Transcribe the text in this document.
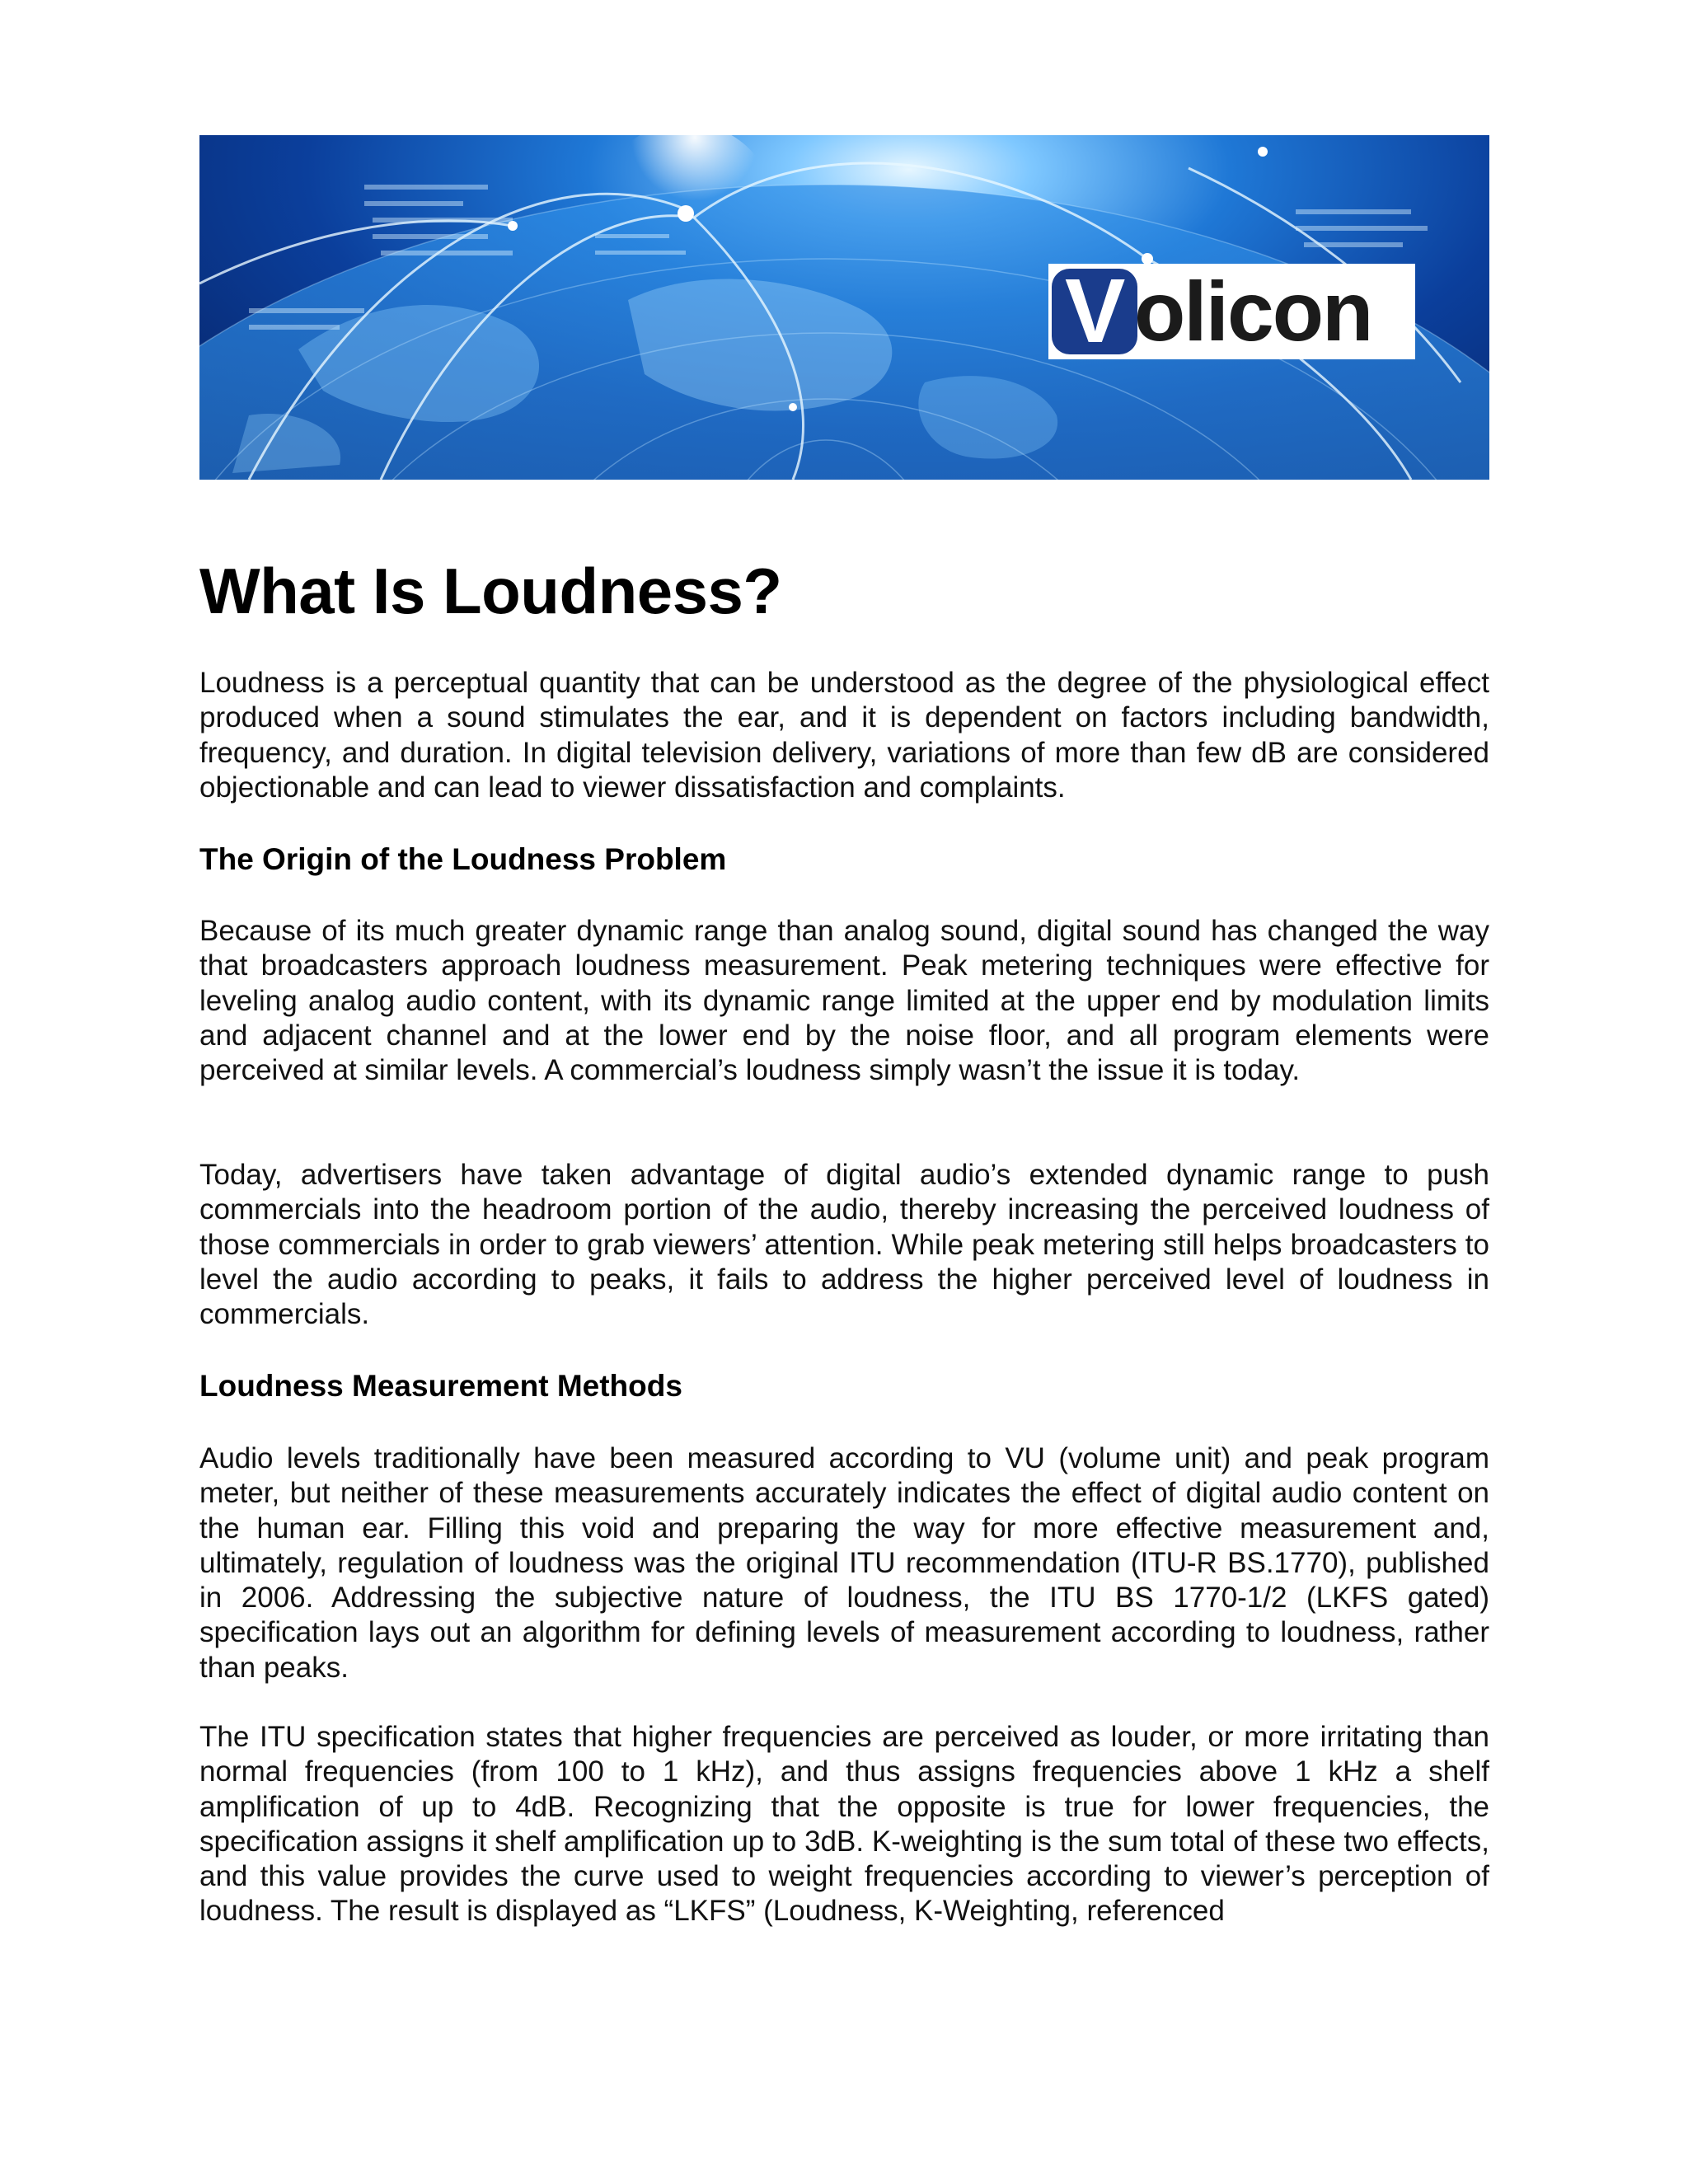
V olicon
What Is Loudness?

Loudness is a perceptual quantity that can be understood as the degree of the physiological effect produced when a sound stimulates the ear, and it is dependent on factors including bandwidth, frequency, and duration. In digital television delivery, variations of more than few dB are considered objectionable and can lead to viewer dissatisfaction and complaints.

The Origin of the Loudness Problem

Because of its much greater dynamic range than analog sound, digital sound has changed the way that broadcasters approach loudness measurement. Peak metering techniques were effective for leveling analog audio content, with its dynamic range limited at the upper end by modulation limits and adjacent channel and at the lower end by the noise floor, and all program elements were perceived at similar levels. A commercial’s loudness simply wasn’t the issue it is today.

Today, advertisers have taken advantage of digital audio’s extended dynamic range to push commercials into the headroom portion of the audio, thereby increasing the perceived loudness of those commercials in order to grab viewers’ attention. While peak metering still helps broadcasters to level the audio according to peaks, it fails to address the higher perceived level of loudness in commercials.

Loudness Measurement Methods

Audio levels traditionally have been measured according to VU (volume unit) and peak program meter, but neither of these measurements accurately indicates the effect of digital audio content on the human ear. Filling this void and preparing the way for more effective measurement and, ultimately, regulation of loudness was the original ITU recommendation (ITU-R BS.1770), published in 2006. Addressing the subjective nature of loudness, the ITU BS 1770-1/2 (LKFS gated) specification lays out an algorithm for defining levels of measurement according to loudness, rather than peaks.

The ITU specification states that higher frequencies are perceived as louder, or more irritating than normal frequencies (from 100 to 1 kHz), and thus assigns frequencies above 1 kHz a shelf amplification of up to 4dB. Recognizing that the opposite is true for lower frequencies, the specification assigns it shelf amplification up to 3dB. K-weighting is the sum total of these two effects, and this value provides the curve used to weight frequencies according to viewer’s perception of loudness. The result is displayed as “LKFS” (Loudness, K-Weighting, referenced
